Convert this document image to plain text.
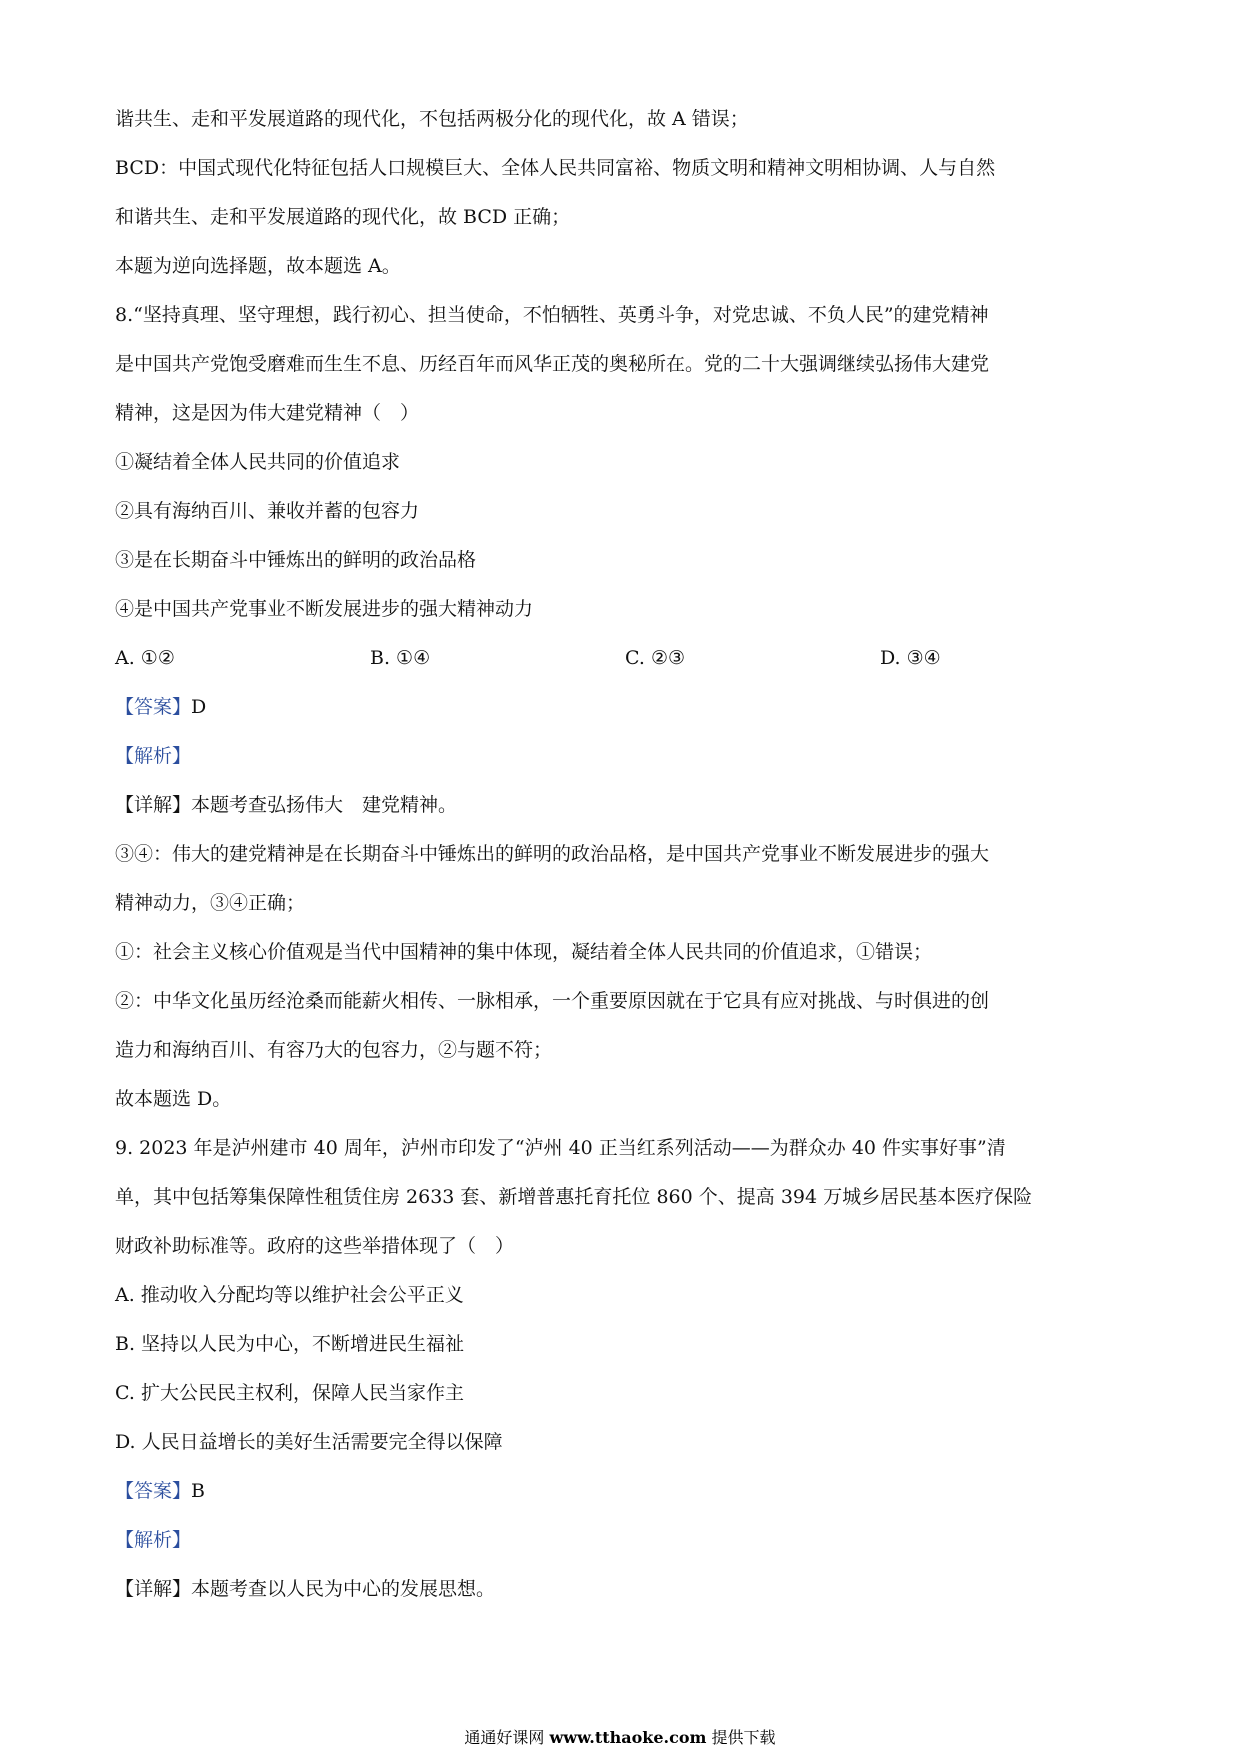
谐共生、走和平发展道路的现代化，不包括两极分化的现代化，故 A 错误；

BCD：中国式现代化特征包括人口规模巨大、全体人民共同富裕、物质文明和精神文明相协调、人与自然

和谐共生、走和平发展道路的现代化，故 BCD 正确；

本题为逆向选择题，故本题选 A。

8.“坚持真理、坚守理想，践行初心、担当使命，不怕牺牲、英勇斗争，对党忠诚、不负人民”的建党精神

是中国共产党饱受磨难而生生不息、历经百年而风华正茂的奥秘所在。党的二十大强调继续弘扬伟大建党

精神，这是因为伟大建党精神（　）

①凝结着全体人民共同的价值追求

②具有海纳百川、兼收并蓄的包容力

③是在长期奋斗中锤炼出的鲜明的政治品格

④是中国共产党事业不断发展进步的强大精神动力

A. ①②	B. ①④	C. ②③	D. ③④

【答案】D

【解析】

【详解】本题考查弘扬伟大　建党精神。

③④：伟大的建党精神是在长期奋斗中锤炼出的鲜明的政治品格，是中国共产党事业不断发展进步的强大

精神动力，③④正确；

①：社会主义核心价值观是当代中国精神的集中体现，凝结着全体人民共同的价值追求，①错误；

②：中华文化虽历经沧桑而能薪火相传、一脉相承，一个重要原因就在于它具有应对挑战、与时俱进的创

造力和海纳百川、有容乃大的包容力，②与题不符；

故本题选 D。

9. 2023 年是泸州建市 40 周年，泸州市印发了“泸州 40 正当红系列活动——为群众办 40 件实事好事”清

单，其中包括筹集保障性租赁住房 2633 套、新增普惠托育托位 860 个、提高 394 万城乡居民基本医疗保险

财政补助标准等。政府的这些举措体现了（　）

A. 推动收入分配均等以维护社会公平正义

B. 坚持以人民为中心，不断增进民生福祉

C. 扩大公民民主权利，保障人民当家作主

D. 人民日益增长的美好生活需要完全得以保障

【答案】B

【解析】

【详解】本题考查以人民为中心的发展思想。

通通好课网 www.tthaoke.com 提供下载
